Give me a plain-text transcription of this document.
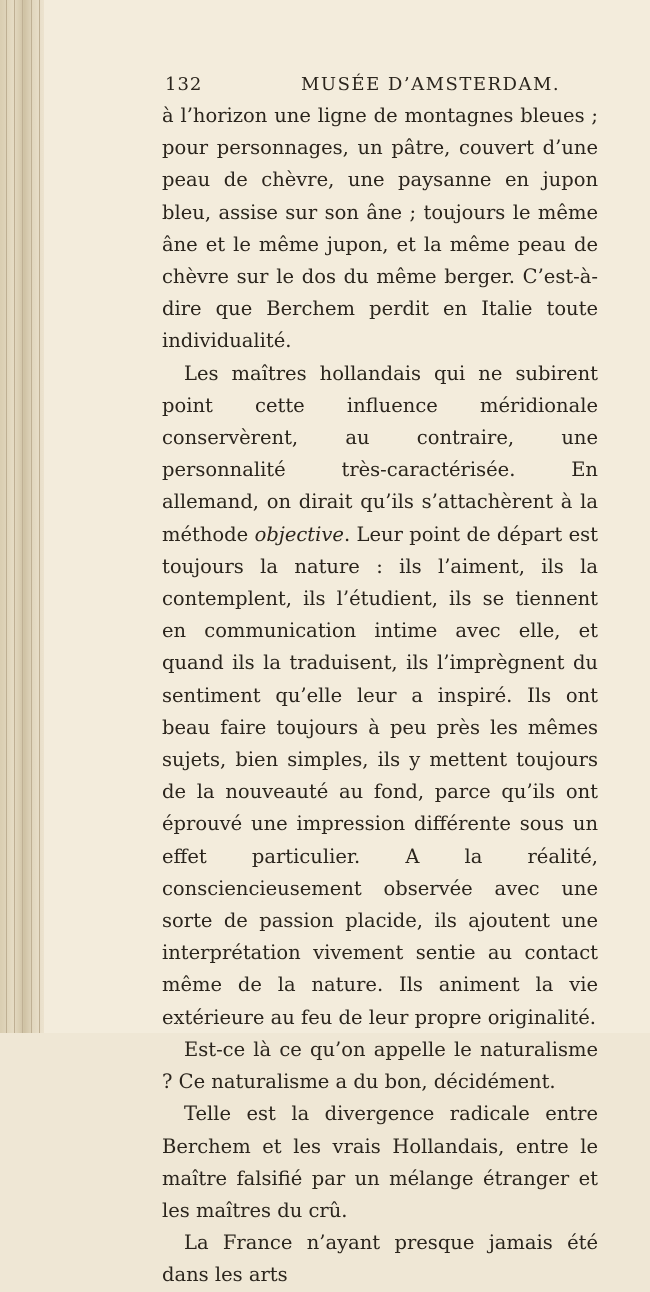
132	MUSÉE D’AMSTERDAM.

à l’horizon une ligne de montagnes bleues ; pour personnages, un pâtre, couvert d’une peau de chèvre, une paysanne en jupon bleu, assise sur son âne ; toujours le même âne et le même jupon, et la même peau de chèvre sur le dos du même berger. C’est-à-dire que Berchem perdit en Italie toute individualité.

Les maîtres hollandais qui ne subirent point cette influence méridionale conservèrent, au contraire, une personnalité très-caractérisée. En allemand, on dirait qu’ils s’attachèrent à la méthode objective. Leur point de départ est toujours la nature : ils l’aiment, ils la contemplent, ils l’étudient, ils se tiennent en communication intime avec elle, et quand ils la traduisent, ils l’imprègnent du sentiment qu’elle leur a inspiré. Ils ont beau faire toujours à peu près les mêmes sujets, bien simples, ils y mettent toujours de la nouveauté au fond, parce qu’ils ont éprouvé une impression différente sous un effet particulier. A la réalité, consciencieusement observée avec une sorte de passion placide, ils ajoutent une interprétation vivement sentie au contact même de la nature. Ils animent la vie extérieure au feu de leur propre originalité.

Est-ce là ce qu’on appelle le naturalisme ? Ce naturalisme a du bon, décidément.

Telle est la divergence radicale entre Berchem et les vrais Hollandais, entre le maître falsifié par un mélange étranger et les maîtres du crû.

La France n’ayant presque jamais été dans les arts
